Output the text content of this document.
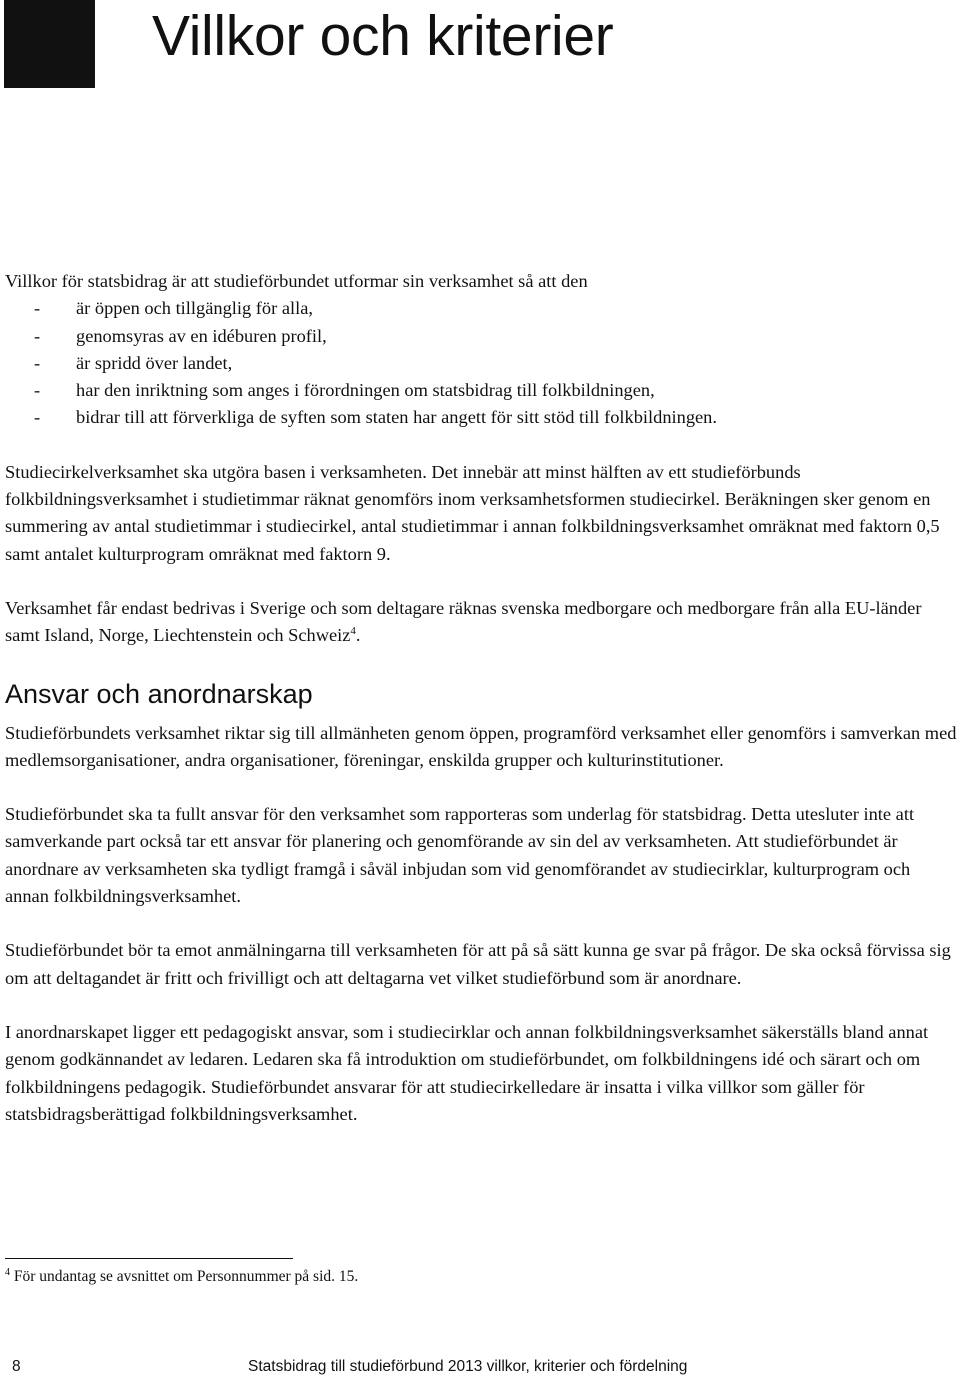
Villkor och kriterier

Villkor för statsbidrag är att studieförbundet utformar sin verksamhet så att den

- är öppen och tillgänglig för alla,
- genomsyras av en idéburen profil,
- är spridd över landet,
- har den inriktning som anges i förordningen om statsbidrag till folkbildningen,
- bidrar till att förverkliga de syften som staten har angett för sitt stöd till folkbildningen.

Studiecirkelverksamhet ska utgöra basen i verksamheten. Det innebär att minst hälften av ett studieförbunds folkbildningsverksamhet i studietimmar räknat genomförs inom verksamhetsformen studiecirkel. Beräkningen sker genom en summering av antal studietimmar i studiecirkel, antal studietimmar i annan folkbildningsverksamhet omräknat med faktorn 0,5 samt antalet kulturprogram omräknat med faktorn 9.

Verksamhet får endast bedrivas i Sverige och som deltagare räknas svenska medborgare och medborgare från alla EU-länder samt Island, Norge, Liechtenstein och Schweiz$^4$.

Ansvar och anordnarskap

Studieförbundets verksamhet riktar sig till allmänheten genom öppen, programförd verksamhet eller genomförs i samverkan med medlemsorganisationer, andra organisationer, föreningar, enskilda grupper och kulturinstitutioner.

Studieförbundet ska ta fullt ansvar för den verksamhet som rapporteras som underlag för statsbidrag. Detta utesluter inte att samverkande part också tar ett ansvar för planering och genomförande av sin del av verksamheten. Att studieförbundet är anordnare av verksamheten ska tydligt framgå i såväl inbjudan som vid genomförandet av studiecirklar, kulturprogram och annan folkbildningsverksamhet.

Studieförbundet bör ta emot anmälningarna till verksamheten för att på så sätt kunna ge svar på frågor. De ska också förvissa sig om att deltagandet är fritt och frivilligt och att deltagarna vet vilket studieförbund som är anordnare.

I anordnarskapet ligger ett pedagogiskt ansvar, som i studiecirklar och annan folkbildningsverksamhet säkerställs bland annat genom godkännandet av ledaren. Ledaren ska få introduktion om studieförbundet, om folkbildningens idé och särart och om folkbildningens pedagogik. Studieförbundet ansvarar för att studiecirkelledare är insatta i vilka villkor som gäller för statsbidragsberättigad folkbildningsverksamhet.

$^4$ För undantag se avsnittet om Personnummer på sid. 15.

8	Statsbidrag till studieförbund 2013 villkor, kriterier och fördelning
